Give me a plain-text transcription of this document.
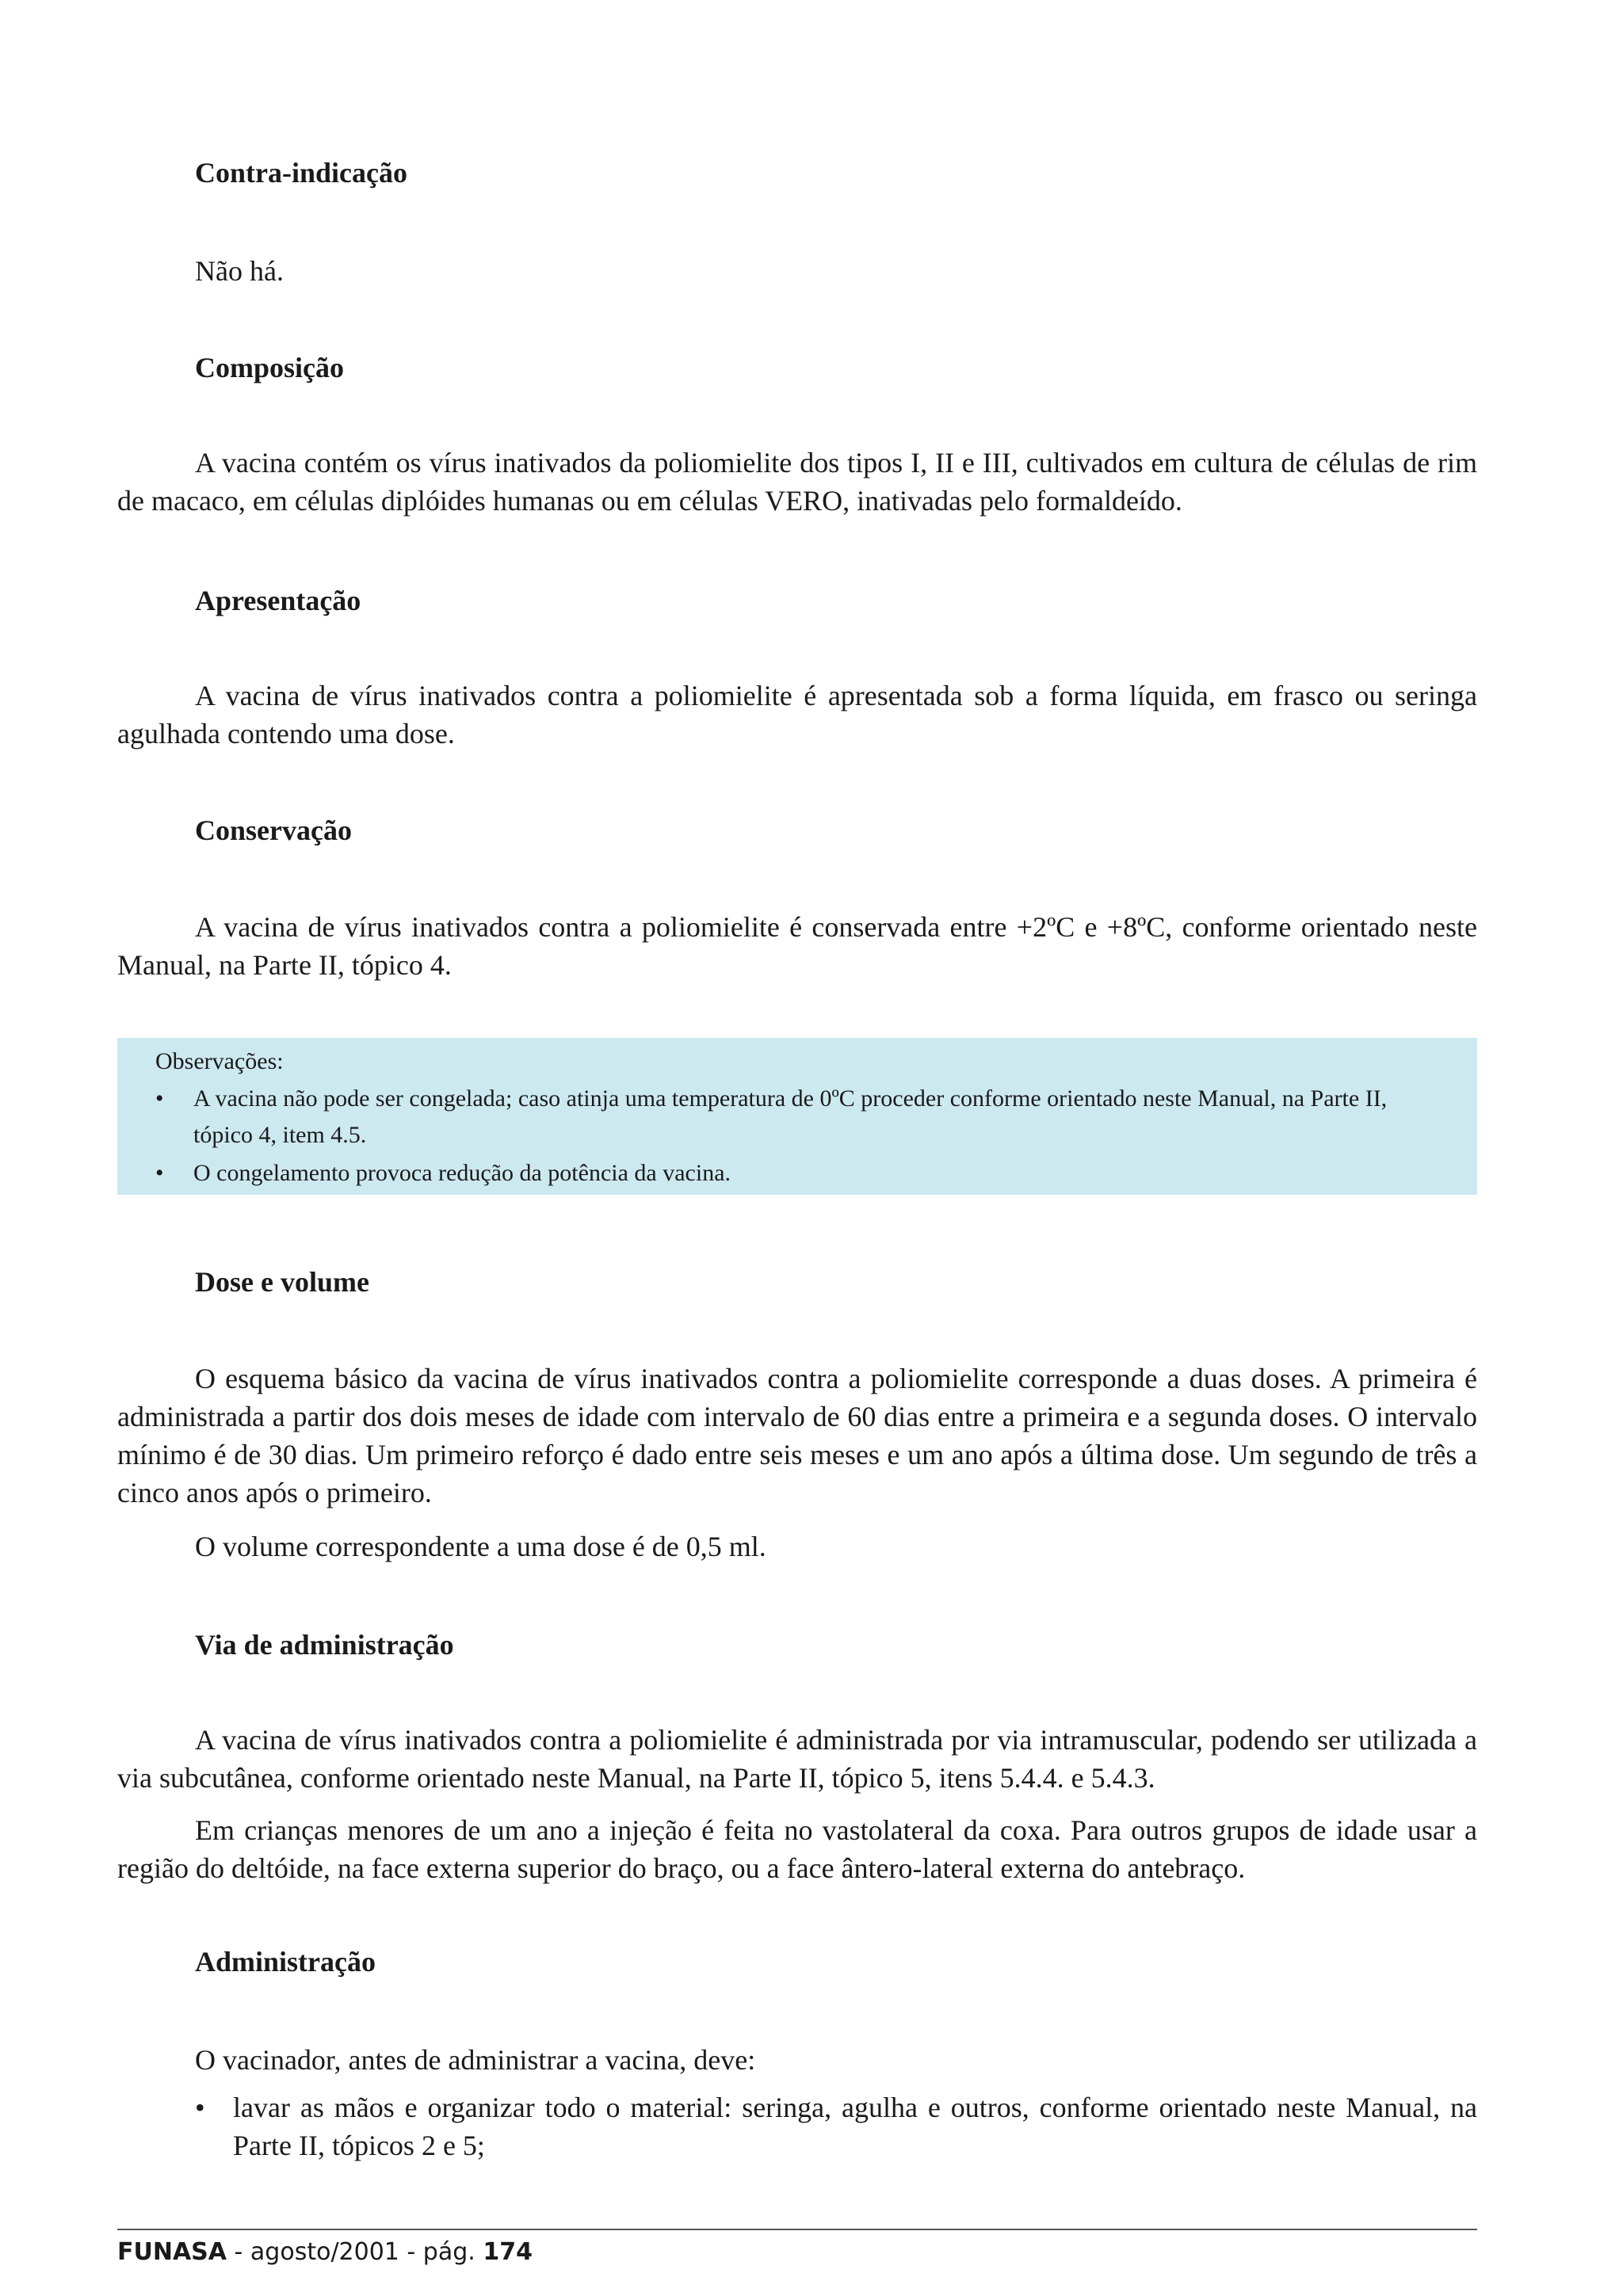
Contra-indicação
Não há.
Composição
A vacina contém os vírus inativados da poliomielite dos tipos I, II e III, cultivados em cultura de células de rim de macaco, em células diplóides humanas ou em células VERO, inativadas pelo formaldeído.
Apresentação
A vacina de vírus inativados contra a poliomielite é apresentada sob a forma líquida, em frasco ou seringa agulhada contendo uma dose.
Conservação
A vacina de vírus inativados contra a poliomielite é conservada entre +2ºC e +8ºC, conforme orientado neste Manual, na Parte II, tópico 4.
Observações:
• A vacina não pode ser congelada; caso atinja uma temperatura de 0ºC proceder conforme orientado neste Manual, na Parte II, tópico 4, item 4.5.
• O congelamento provoca redução da potência da vacina.
Dose e volume
O esquema básico da vacina de vírus inativados contra a poliomielite corresponde a duas doses. A primeira é administrada a partir dos dois meses de idade com intervalo de 60 dias entre a primeira e a segunda doses. O intervalo mínimo é de 30 dias. Um primeiro reforço é dado entre seis meses e um ano após a última dose. Um segundo de três a cinco anos após o primeiro.
O volume correspondente a uma dose é de 0,5 ml.
Via de administração
A vacina de vírus inativados contra a poliomielite é administrada por via intramuscular, podendo ser utilizada a via subcutânea, conforme orientado neste Manual, na Parte II, tópico 5, itens 5.4.4. e 5.4.3.
Em crianças menores de um ano a injeção é feita no vastolateral da coxa. Para outros grupos de idade usar a região do deltóide, na face externa superior do braço, ou a face ântero-lateral externa do antebraço.
Administração
O vacinador, antes de administrar a vacina, deve:
• lavar as mãos e organizar todo o material: seringa, agulha e outros, conforme orientado neste Manual, na Parte II, tópicos 2 e 5;
FUNASA - agosto/2001 - pág. 174
